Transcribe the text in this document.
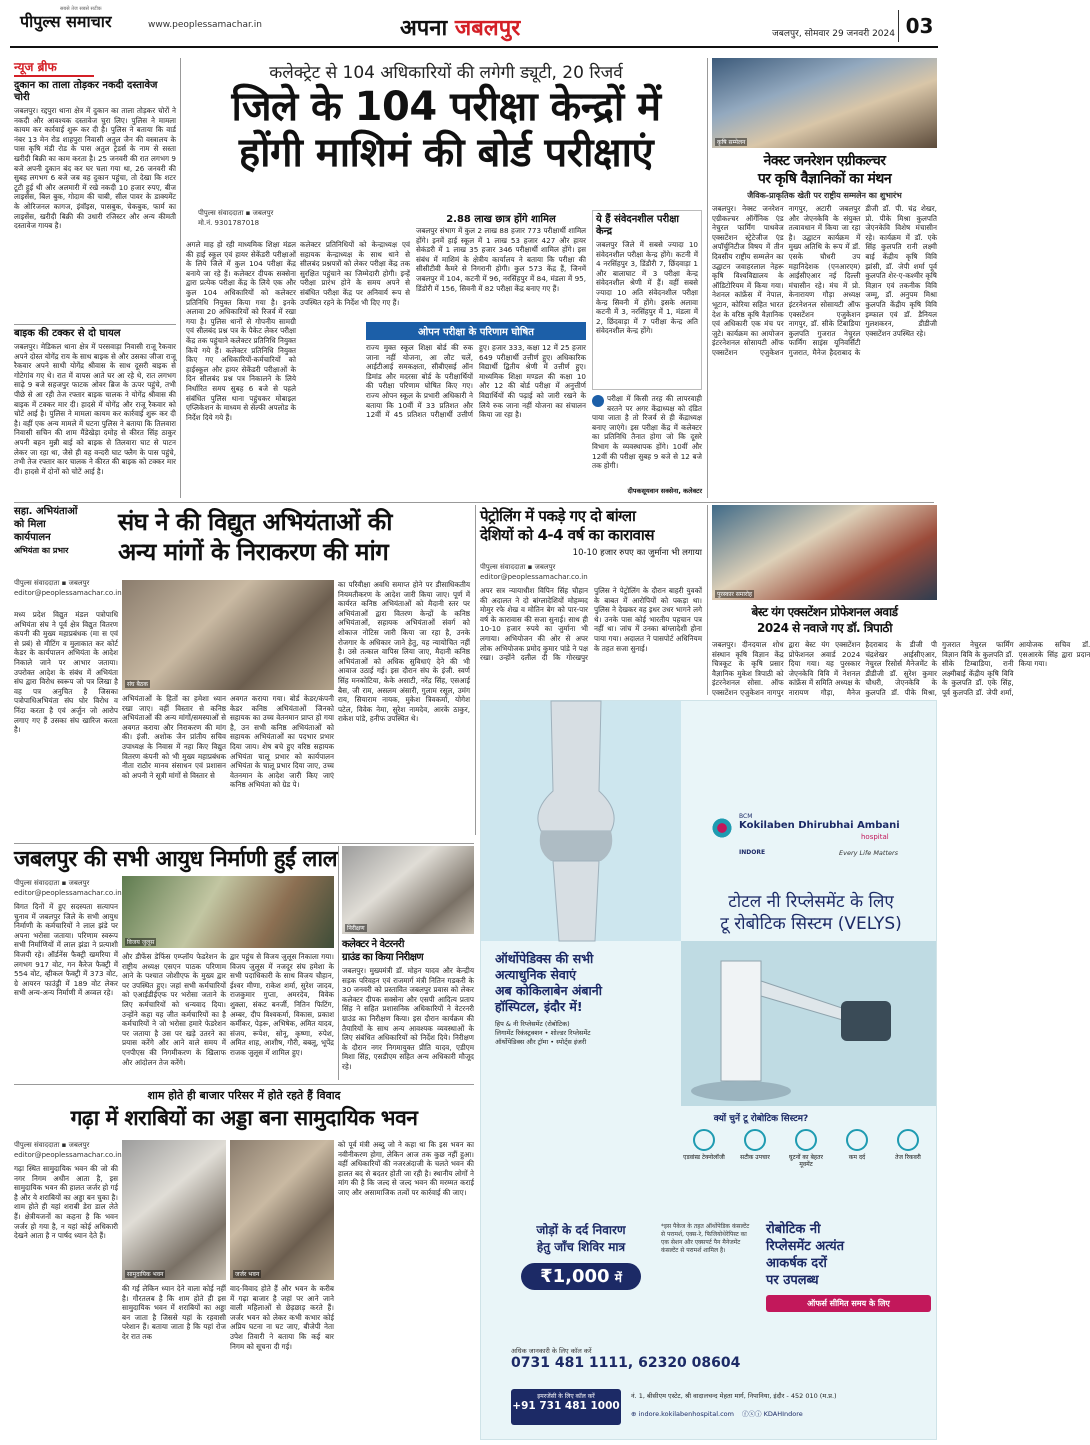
सबसे तेज सबसे सटीक
पीपुल्स समाचार	www.peoplessamachar.in	अपना जबलपुर	जबलपुर, सोमवार 29 जनवरी 2024 03
न्यूज ब्रीफ
दुकान का ताला तोड़कर नकदी दस्तावेज चोरी
जबलपुर। रद्दपुरा थाना क्षेत्र में दुकान का ताला तोड़कर चोरों ने नकदी और आवश्यक दस्तावेज चुरा लिए। पुलिस ने मामला कायम कर कार्रवाई शुरू कर दी है। पुलिस ने बताया कि वार्ड नंबर 13 मेन रोड शाहपुरा निवासी अतुल जैन की वस्त्रालय के पास कृषि मंडी रोड के पास अतुल ट्रेडर्स के नाम से सस्ता खरीदी बिक्री का काम करता है। 25 जनवरी की रात लगभग 9 बजे अपनी दुकान बंद कर घर चला गया था, 26 जनवरी की सुबह लगभग 6 बजे जब वह दुकान पहुंचा, तो देखा कि शटर टूटी हुई थी और अलमारी में रखे नकदी 10 हजार रुपए, बीज लाइसेंस, बिल बुक, गोदाम की चाबी, सील पावर के डाक्यमेंट के ओरिजनल कागज, इंवॉइस, पासबुक, चेकबुक, फार्म का लाइसेंस, खरीदी बिक्री की उधारी रजिस्टर और अन्य कीमती दस्तावेज गायब है।
बाइक की टक्कर से दो घायल
जबलपुर। मेडिकल थाना क्षेत्र में परसवाड़ा निवासी राजू रैकवार अपने दोस्त योगेंद्र राय के साथ बाइक से और उसका जीजा राजू रैकवार अपने साथी योगेंद्र श्रीवास के साथ दूसरी बाइक से गोटेगांव गए थे। रात में वापस आते घर आ रहे थे, रात लगभग साढ़े 9 बजे सहजपुर फाटक ओवर ब्रिज के ऊपर पहुंचे, तभी पीछे से आ रही तेज रफ्तार बाइक चालक ने योगेंद्र श्रीवास की बाइक में टक्कर मार दी। हादसे में योगेंद्र और राजू रैकवार को चोटें आई है। पुलिस ने मामला कायम कर कार्रवाई शुरू कर दी है। वहीं एक अन्य मामले में घटना पुलिस ने बताया कि तिलवारा निवासी सचिन की शाम मैंडेखेड़ा दमोह से कीरत सिंह ठाकुर अपनी बहन मुन्नी बाई को बाइक से तिलवारा घाट से पाटन लेकर जा रहा था, जैसे ही वह वन्दरी घाट फ्लैग के पास पहुंचे, तभी तेज रफ्तार कार चालक ने कीरत की बाइक को टक्कर मार दी। हादसे में दोनों को चोटें आई है।
कलेक्ट्रेट से 104 अधिकारियों की लगेगी ड्यूटी, 20 रिजर्व
जिले के 104 परीक्षा केन्द्रों में
होंगी माशिमं की बोर्ड परीक्षाएं
पीपुल्स संवाददाता ▪ जबलपुर
मो.नं. 9301787018
अगले माह हो रही माध्यमिक शिक्षा मंडल की हाई स्कूल एवं हायर सेकेंडरी परीक्षाओं के लिये जिले में कुल 104 परीक्षा केंद्र बनाये जा रहे हैं। कलेक्टर दीपक सक्सेना द्वारा प्रत्येक परीक्षा केंद्र के लिये एक और कुल 104 अधिकारियों को कलेक्टर प्रतिनिधि नियुक्त किया गया है। इनके अलावा 20 अधिकारियों को रिजर्व में रखा गया है। पुलिस थानों से गोपनीय सामग्री एवं सीलबंद प्रश्न पत्र के पैकेट लेकर परीक्षा केंद्र तक पहुंचाने कलेक्टर प्रतिनिधि नियुक्त किये गये हैं। कलेक्टर प्रतिनिधि नियुक्त किए गए अधिकारियों-कर्मचारियों को हाईस्कूल और हायर सेकेंडरी परीक्षाओं के दिन सीलबंद प्रश्न पत्र निकालने के लिये निर्धारित समय सुबह 6 बजे से पहले संबंधित पुलिस थाना पहुंचकर मोबाइल एप्लिकेशन के माध्यम से सेल्फी अपलोड के निर्देश दिये गये हैं।
कलेक्टर प्रतिनिधियों को केन्द्राध्यक्ष एवं सहायक केन्द्राध्यक्ष के साथ थाने से सीलबंद प्रश्नपत्रों को लेकर परीक्षा केंद्र तक सुरक्षित पहुंचाने का जिम्मेदारी होगी। इन्हें परीक्षा प्रारंभ होने के समय अपने से संबंधित परीक्षा केंद्र पर अनिवार्य रूप से उपस्थित रहने के निर्देश भी दिए गए हैं।
2.88 लाख छात्र होंगे शामिल
जबलपुर संभाग में कुल 2 लाख 88 हजार 773 परीक्षार्थी शामिल होंगे। इनमें हाई स्कूल में 1 लाख 53 हजार 427 और हायर सेकंडरी में 1 लाख 35 हजार 346 परीक्षार्थी शामिल होंगे। इस संबंध में माशिमं के क्षेत्रीय कार्यालय ने बताया कि परीक्षा की सीसीटीवी कैमरे से निगरानी होगी। कुल 573 केंद्र हैं, जिनमें जबलपुर में 104, कटनी में 96, नरसिंहपुर में 84, मंडला में 95, डिंडोरी में 156, सिवनी में 82 परीक्षा केंद्र बनाए गए हैं।
ओपन परीक्षा के परिणाम घोषित
राज्य मुक्त स्कूल शिक्षा बोर्ड की रुक जाना नहीं योजना, आ लौट चलें, आईटीआई समकक्षता, सीबीएसई ऑन डिमांड और मदरसा बोर्ड के परीक्षार्थियों की परीक्षा परिणाम घोषित किए गए। राज्य ओपन स्कूल के प्रभारी अधिकारी ने बताया कि 10वीं में 33 प्रतिशत और 12वीं में 45 प्रतिशत परीक्षार्थी उत्तीर्ण हुए। हजार 333, कक्षा 12 में 25 हजार 649 परीक्षार्थी उत्तीर्ण हुए। अधिकारिक विद्यार्थी द्वितीय श्रेणी में उत्तीर्ण हुए। माध्यमिक शिक्षा मण्डल की कक्षा 10 और 12 की बोर्ड परीक्षा में अनुत्तीर्ण विद्यार्थियों की पढ़ाई को जारी रखने के लिये रुक जाना नहीं योजना का संचालन किया जा रहा है।
ये हैं संवेदनशील परीक्षा केन्द्र
जबलपुर जिले में सबसे ज्यादा 10 संवेदनशील परीक्षा केन्द्र होंगे। कटनी में 4 नरसिंहपुर 3, डिंडौरी 7, छिंदवाड़ा 1 और बालाघाट में 3 परीक्षा केन्द्र संवेदनशील श्रेणी में हैं। वहीं सबसे ज्यादा 10 अति संवेदनशील परीक्षा केन्द्र सिवनी में होंगे। इसके अलावा कटनी में 3, नरसिंहपुर में 1, मंडला में 2, छिंदवाड़ा में 7 परीक्षा केन्द्र अति संवेदनशील केन्द्र होंगे।
परीक्षा में किसी तरह की लापरवाही बरतने पर अगर केंद्राध्यक्ष को दंडित पाया जाता है तो रिजर्व से ही केंद्राध्यक्ष बनाए जाएंगे। इस परीक्षा केंद्र में कलेक्टर का प्रतिनिधि तैनात होगा जो कि दूसरे विभाग के व्यवस्थापक होंगे। 10वीं और 12वीं की परीक्षा सुबह 9 बजे से 12 बजे तक होगी।
दीपकसूयवान सक्सेना, कलेक्टर
कृषि सम्मेलन
नेक्स्ट जनरेशन एग्रीकल्चर
पर कृषि वैज्ञानिकों का मंथन
जैविक-प्राकृतिक खेती पर राष्ट्रीय सम्मलेन का शुभारंभ
जबलपुर। नेक्स्ट जनरेशन एग्रीकल्चर ऑर्गेनिक एंड नेचुरल फार्मिंग पाथवेज एक्सटेंशन स्ट्रेटेजीज एंड अपॉर्चुनिटीज विषय में तीन दिवसीय राष्ट्रीय सम्मलेन का उद्घाटन जवाहरलाल नेहरू कृषि विश्वविद्यालय के ऑडिटोरियम में किया गया। नेशनल कांफ्रेंस में नेपाल, भूटान, कोरिया सहित भारत देश के वरिष्ठ कृषि वैज्ञानिक एवं अधिकारी एक मंच पर जुटे। कार्यक्रम का आयोजन इंटरनेशनल सोसायटी ऑफ एक्सटेंशन एजुकेशन नागपुर, अटारी जबलपुर और जेएनकेवि के संयुक्त तत्वावधान में किया जा रहा है। उद्घाटन कार्यक्रम में मुख्य अतिथि के रूप में डॉ. एसके चौधरी उप महानिदेशक (एनआरएम) आईसीएआर नई दिल्ली मंचासीन रहे। मंच में प्रो. केनारायण गौड़ा अध्यक्ष इंटरनेशनल सोसायटी ऑफ एक्सटेंशन एजुकेशन नागपुर, डॉ. सीके टिंबाडिया कुलपति गुजरात नेचुरल फार्मिंग साइंस यूनिवर्सिटी गुजरात, मैनेज हैदराबाद के डीजी डॉ. पी. चंद्र शेखर, प्रो. पीके मिश्रा कुलपति जेएनकेवि विशेष मंचासीन रहे। कार्यक्रम में डॉ. एके सिंह कुलपति रानी लक्ष्मी बाई केंद्रीय कृषि विवि झांसी, डॉ. जेपी शर्मा पूर्व कुलपति शेर-ए-कश्मीर कृषि विज्ञान एवं तकनीक विवि जम्मू, डॉ. अनुपम मिश्रा कुलपति केंद्रीय कृषि विवि इम्फाल एवं डॉ. डैनियल गुलशकरन, डीडीजी एक्सटेंशन उपस्थित रहे।
सहा. अभियंताओं
को मिला
कार्यपालन
अभियंता का प्रभार
संघ ने की विद्युत अभियंताओं की
अन्य मांगों के निराकरण की मांग
पीपुल्स संवाददाता ▪ जबलपुर
editor@peoplessamachar.co.in
मध्य प्रदेश विद्युत मंडल पत्रोपाधि अभियंता संघ ने पूर्व क्षेत्र विद्युत वितरण कंपनी की मुख्य महाप्रबंधक (मा स एवं से प्रबं) से मीटिंग व मुलाकात कर कोर्ट केडर के कार्यपालन अभियंता के आदेश निकाले जाने पर आभार जताया। उपरोक्त आदेश के संबंध में अभियंता संघ द्वारा विरोध स्वरूप जो पत्र लिखा है वह पत्र अनुचित है जिसका पत्रोपाधिअभियंता संघ घोर विरोध व निंदा करता है एवं अर्जुन जो आरोप लगाए गए हैं उसका संघ खारिज करता है।
संघ बैठक
अभियंताओं के हितों का हमेशा ध्यान रखा जाए। वहीं विस्तार से कनिष्ठ अभियंताओं की अन्य मांगों/समस्याओं से अवगत कराया और निराकरण की मांग की। इंजी. अशोक जैन प्रांतीय सचिव उपाध्यक्ष के निवास में नहा किए विद्युत वितरण कंपनी को भी मुख्य महाप्रबंधक नीता राठौर मानव संसाधन एवं प्रशासन को अपनी ने सूत्री मांगों से विस्तार से
अवगत कराया गया। बोर्ड केडर/कंपनी केडर कनिष्ठ अभियंताओं जिनको सहायक का उच्च वेतनमान प्राप्त हो गया है, उन सभी कनिष्ठ अभियंताओं को सहायक अभियंताओं का पदभार प्रभार दिया जाय। शेष बचे हुए वरिष्ठ सहायक अभियंता चालू प्रभार को कार्यपालन अभियंता के चालू प्रभार दिया जाए, उच्च वेतनमान के आदेश जारी किए जाएं कनिष्ठ अभियंता को ग्रेड पे।
का परिवीक्षा अवधि समाप्त होने पर डीसाधिकतीय नियमतीकरण के आदेश जारी किया जाए। पूर्ण में कार्यरत कनिष्ठ अभियंताओं को मैदानी स्तर पर अभियंताओं द्वारा वितरण केन्द्रों के कनिष्ठ अभियंताओं, सहायक अभियंताओं संवर्ग को शोकाज नोटिस जारी किया जा रहा है, उनके रोजगार के अधिकार जाने हेतु, यह न्यायोचित नहीं है। उसे तत्काल वापिस लिया जाए, मैदानी कनिष्ठ अभियंताओं को अधिक सुविधाएं देने की भी आवाज उठाई गई। इस दौरान संघ के इंजी. स्वर्ण सिंह मनकोटिया, केके असाटी, नरेंद्र सिंह, एसआई बैस, जी राम, असलम अंसारी, गुलाम रसूल, उमंग राय, सियाराम नायक, मुकेश त्रिवकर्मा, योगेश पटेल, विवेक नेमा, सुरेश नामदेव, आरके ठाकुर, राकेश पांडे, हनीफ उपस्थित थे।
पेट्रोलिंग में पकड़े गए दो बांग्ला
देशियों को 4-4 वर्ष का कारावास
10-10 हजार रुपए का जुर्माना भी लगाया
पीपुल्स संवाददाता ▪ जबलपुर
editor@peoplessamachar.co.in
अपर सत्र न्यायाधीश विपिन सिंह चौहान की अदालत ने दो बांग्लादेशियों मोहम्मद मोमुर रफे शेख व मोतिन बेग को पार-पार वर्ष के कारावास की सजा सुनाई। साथ ही 10-10 हजार रुपये का जुर्माना भी लगाया। अभियोजन की ओर से अपर लोक अभियोजक प्रमोद कुमार पांडे ने पक्ष रखा। उन्होंने दलील दी कि गोरखपुर पुलिस ने पेट्रोलिंग के दौरान बाहरी युवकों के बाबत में आरोपियों को पकड़ा था। पुलिस ने देखकर वह इधर उधर भागने लगे थे। उनके पास कोई भारतीय पहचान पत्र नहीं था। जांच में उनका बांग्लादेशी होना पाया गया। अदालत ने पासपोर्ट अधिनियम के तहत सजा सुनाई।
पुरस्कार समारोह
बेस्ट यंग एक्सटेंशन प्रोफेशनल अवार्ड
2024 से नवाजे गए डॉ. त्रिपाठी
जबलपुर। दीनदयाल शोध संस्थान कृषि विज्ञान केंद्र चित्रकूट के कृषि प्रसार वैज्ञानिक मुकेश त्रिपाठी को इंटरनेशनल सोसा. ऑफ एक्सटेंशन एजुकेशन नागपुर द्वारा बेस्ट यंग एक्सटेंशन प्रोफेशनल अवार्ड 2024 दिया गया। यह पुरस्कार जेएनकेवि विवि में नेशनल कांफ्रेंस में समिति अध्यक्ष के नारायण गौड़ा, मैनेज हैदराबाद के डीजी पी चंद्रशेखर आईसीएआर, नेचुरल रिसोर्स मैनेजमेंट के डीडीजी डॉ. सुरेश कुमार चौधरी, जेएनकेवि के कुलपति डॉ. पीके मिश्रा, गुजरात नेचुरल फार्मिंग विज्ञान विवि के कुलपति डॉ. सीके टिम्बाडिया, रानी लक्ष्मीबाई केंद्रीय कृषि विवि के कुलपति डॉ. एके सिंह, पूर्व कुलपति डॉ. जेपी शर्मा, आयोजक सचिव डॉ. एसआरके सिंह द्वारा प्रदान किया गया।
BCM
Kokilaben Dhirubhai Ambani
hospital
INDORE	Every Life Matters
टोटल नी रिप्लेसमेंट के लिए
टू रोबोटिक सिस्टम (VELYS)
ऑर्थोपेडिक्स की सभी
अत्याधुनिक सेवाएं
अब कोकिलाबेन अंबानी
हॉस्पिटल, इंदौर में!
हिप & नी रिप्लेसमेंट (रोबोटिक)
लिगामेंट रिकंस्ट्रक्शन • शोल्डर रिप्लेसमेंट
ऑर्थोपेडिक्स और ट्रॉमा • स्पोर्ट्स इंजरी
क्यों चुनें टू रोबोटिक सिस्टम?
एडवांस्ड टेक्नोलॉजी	सटीक उपचार	घुटनों का बेहतर मूवमेंट
कम दर्द	तेज रिकवरी
जोड़ों के दर्द निवारण
हेतु जाँच शिविर मात्र
₹1,000 में
*इस पैकेज के तहत ऑर्थोपेडिक कंसल्टेंट से परामर्श, एक्स-रे, फिजियोथेरेपिस्ट का एक सेशन और एक्सपर्ट पैन मैनेजमेंट कंसल्टेंट से परामर्श शामिल है।
रोबोटिक नी
रिप्लेसमेंट अत्यंत
आकर्षक दरों
पर उपलब्ध
ऑफर्स सीमित समय के लिए
अधिक जानकारी के लिए कॉल करें
0731 481 1111, 62320 08604
इमरजेंसी के लिए कॉल करें
+91 731 481 1000
नं. 1, बीसीएम एस्टेट, श्री वादालचन्द मेहता मार्ग, निपानिया, इंदौर - 452 010 (म.प्र.)
⊕ indore.kokilabenhospital.com ⓕⓧⓘ KDAHIndore
जबलपुर की सभी आयुध निर्माणी हुईं लाल
पीपुल्स संवाददाता ▪ जबलपुर
editor@peoplessamachar.co.in
विगत दिनों में हुए सदस्यता सत्यापन चुनाव में जबलपुर जिले के सभी आयुध निर्माणी के कर्मचारियों ने लाल झंडे पर अपना भरोसा जताया। परिणाम स्वरूप सभी निर्माणियों में लाल झंडा ने प्रत्याशी विजयी रहे। ऑर्डनेंस फैक्ट्री खमरिया में लगभग 917 वोट, गन कैरेज फैक्ट्री में 554 वोट, व्हीकल फैक्ट्री में 373 वोट, ग्रे आयरन फाउंड्री में 189 वोट लेकर सभी अन्य-अन्य निर्माणी में अव्वल रहे।
विजय जुलूस
और डीफेंस डेफिंस एम्प्लॉय फेडरेशन के राष्ट्रीय अध्यक्ष एसएन पाठक परिणाम आने के पश्चात जोशीएफ के मुख्य द्वार पर उपस्थित हुए। जहां सभी कर्मचारियों को एआईडीईएफ पर भरोसा जताने के लिए कर्मचारियों को धन्यवाद दिया। उन्होंने कहा यह जीत कर्मचारियों का है कर्मचारियों ने जो भरोसा हमारे फेडरेशन पर जताया है उस पर खड़े उतरने का प्रयास करेंगे और आने वाले समय में एनपीएस की निगमीकरण के खिलाफ और आंदोलन तेज करेंगे।
द्वार पहुंच से विजय जुलूस निकाला गया। विजय जुलूस में नजदूर संघ हमेशा के सभी पदाधिकारी के साथ विजय चौहान, ईश्वर मीणा, राकेश शर्मा, सुरेश जादव, राजकुमार गुप्ता, अमरदेव, विवेक शुक्ला, संकट बनर्जी, नितिन फिटिंग, अम्बर, दीप विश्वकर्मा, विकास, प्रकाश कर्मीकर, पेड़रू, अभिषेक, अमित यादव, संजय, रूपेश, सोनू, कृष्णा, रुपेश, अमित शाह, आशीष, गौरी, बबलू, भूपेंद्र राजक जुलूस में शामिल हुए।
निरीक्षण
कलेक्टर ने वेटरनरी
ग्राउंड का किया निरीक्षण
जबलपुर। मुख्यमंत्री डॉ. मोहन यादव और केन्द्रीय सड़क परिवहन एवं राजमार्ग मंत्री नितिन गडकरी के 30 जनवरी को प्रस्तावित जबलपुर प्रवास को लेकर कलेक्टर दीपक सक्सेना और एसपी आदित्य प्रताप सिंह ने सहित प्रशासनिक अधिकारियों ने वेटरनरी ग्राउंड का निरीक्षण किया। इस दौरान कार्यक्रम की तैयारियों के साथ अन्य आवश्यक व्यवस्थाओं के लिए संबंधित अधिकारियों को निर्देश दिये। निरीक्षण के दौरान नगर निगमायुक्त प्रीति यादव, एडीएम मिशा सिंह, एसडीएम सहित अन्य अधिकारी मौजूद रहे।
शाम होते ही बाजार परिसर में होते रहते हैं विवाद
गढ़ा में शराबियों का अड्डा बना सामुदायिक भवन
पीपुल्स संवाददाता ▪ जबलपुर
editor@peoplessamachar.co.in
गढ़ा स्थित सामुदायिक भवन की जो की नगर निगम अधीन आता है, इस सामुदायिक भवन की हालत जर्जर हो गई है और ये शराबियों का अड्डा बन चुका है। शाम होते ही यहां शराबी डेरा डाल लेते हैं। क्षेत्रीयजनों का कहना है कि भवन जर्जर हो गया है, न यहां कोई अधिकारी देखने आता है न पार्षद ध्यान देते हैं।
सामुदायिक भवन	जर्जर भवन
की गई लेकिन ध्यान देने वाला कोई नहीं है। गौरतलब है कि शाम होते ही इस सामुदायिक भवन में शराबियों का अड्डा बन जाता है जिससे यहां के रहवासी परेशान हैं। बताया जाता है कि यहां रोज देर रात तक
वाद-विवाद होते हैं और भवन के करीब में गढ़ा बाजार है जहां पर आने जाने वाली महिलाओं से छेड़छाड़ करते हैं। जर्जर भवन को लेकर कभी कभार कोई अप्रिय घटना ना घट जाए, बीजेपी नेता उपेश तिवारी ने बताया कि कई बार निगम को सूचना दी गई।
को पूर्व मंत्री अब्दु जो ने कहा था कि इस भवन का नवीनीकरण होगा, लेकिन आज तक कुछ नहीं हुआ। वहीं अधिकारियों की नजरअंदाजी के चलते भवन की हालत बद से बदतर होती जा रही है। स्थानीय लोगों ने मांग की है कि जल्द से जल्द भवन की मरम्मत कराई जाए और असामाजिक तत्वों पर कार्रवाई की जाए।
